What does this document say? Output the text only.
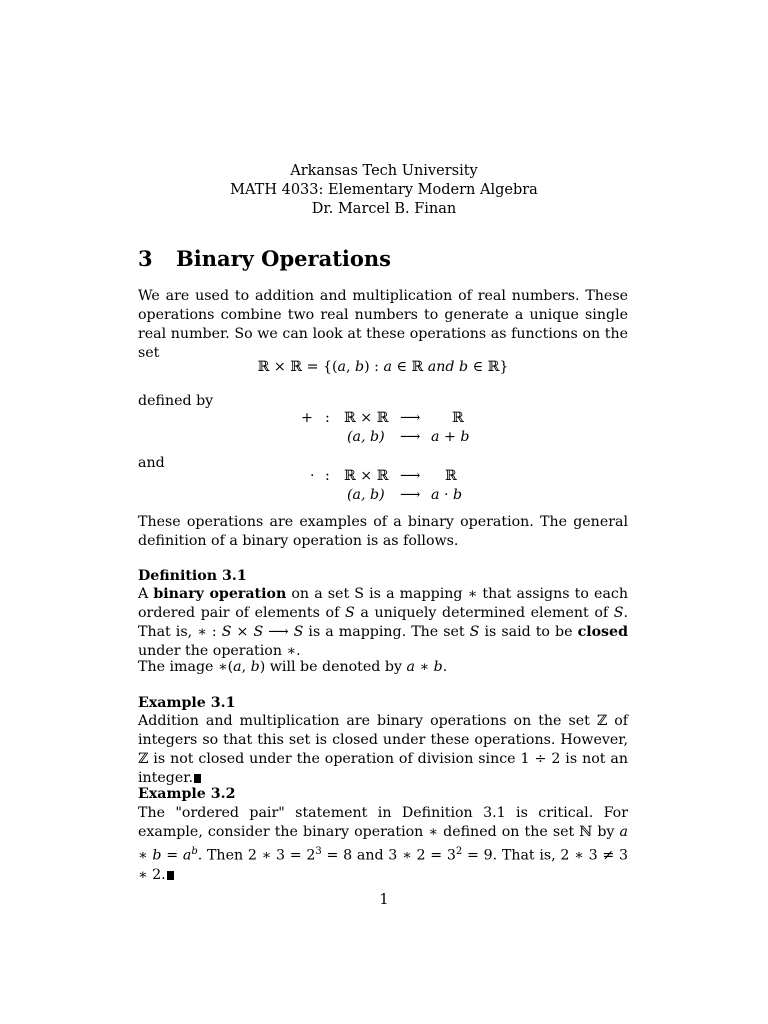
Arkansas Tech University
MATH 4033: Elementary Modern Algebra
Dr. Marcel B. Finan
3 Binary Operations
We are used to addition and multiplication of real numbers. These operations combine two real numbers to generate a unique single real number. So we can look at these operations as functions on the set
ℝ × ℝ = {(a, b) : a ∈ ℝ and b ∈ ℝ}
defined by
+ : ℝ × ℝ ⟶ ℝ
(a, b) ⟶ a + b
and
· : ℝ × ℝ ⟶ ℝ
(a, b) ⟶ a · b
These operations are examples of a binary operation. The general definition of a binary operation is as follows.
Definition 3.1
A binary operation on a set S is a mapping ∗ that assigns to each ordered pair of elements of S a uniquely determined element of S. That is, ∗ : S × S ⟶ S is a mapping. The set S is said to be closed under the operation ∗.
The image ∗(a, b) will be denoted by a ∗ b.
Example 3.1
Addition and multiplication are binary operations on the set ℤ of integers so that this set is closed under these operations. However, ℤ is not closed under the operation of division since 1 ÷ 2 is not an integer.
Example 3.2
The "ordered pair" statement in Definition 3.1 is critical. For example, consider the binary operation ∗ defined on the set ℕ by a ∗ $b = a^b$. Then 2 ∗ $3 = 2^3 = 8$ and 3 ∗ $2 = 3^2 = 9$. That is, 2 ∗ 3 ≠ 3 ∗ 2.
1
